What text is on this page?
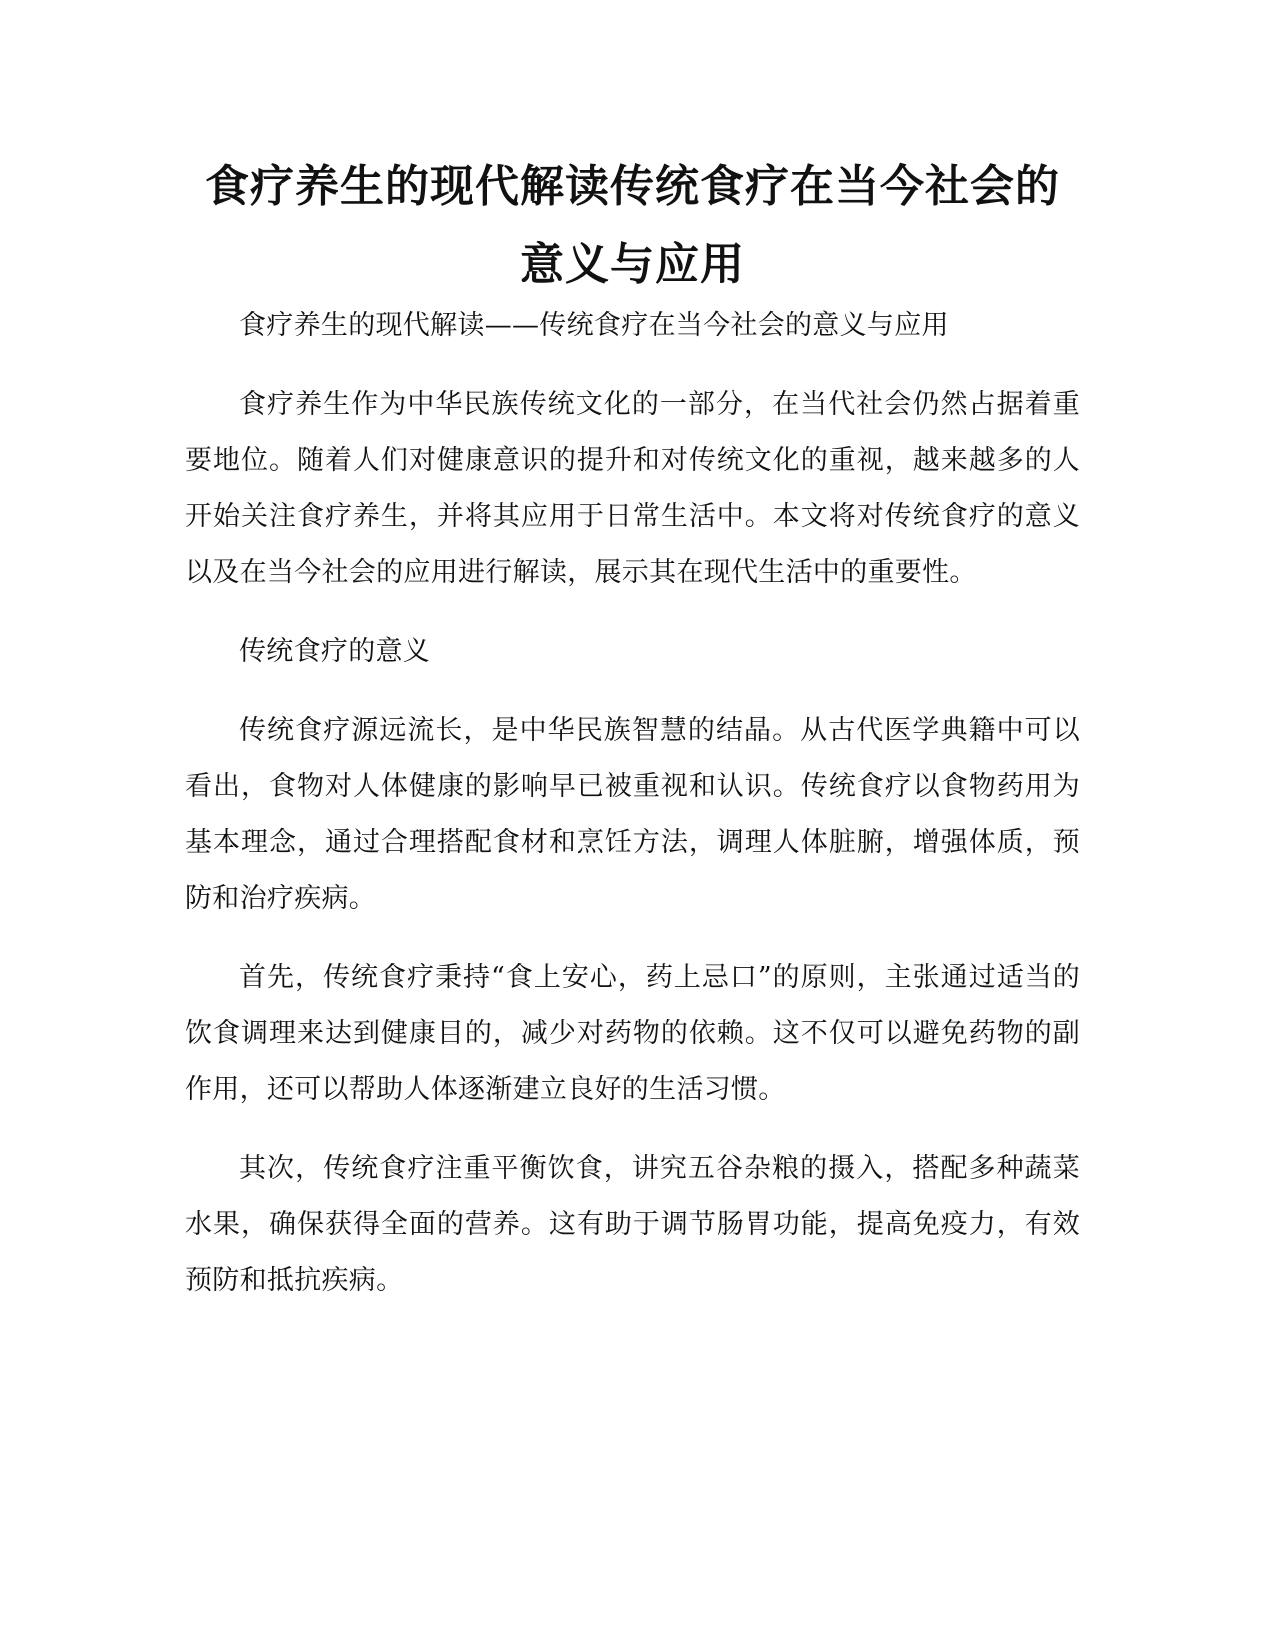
食疗养生的现代解读传统食疗在当今社会的意义与应用

食疗养生的现代解读——传统食疗在当今社会的意义与应用

食疗养生作为中华民族传统文化的一部分，在当代社会仍然占据着重要地位。随着人们对健康意识的提升和对传统文化的重视，越来越多的人开始关注食疗养生，并将其应用于日常生活中。本文将对传统食疗的意义以及在当今社会的应用进行解读，展示其在现代生活中的重要性。

传统食疗的意义

传统食疗源远流长，是中华民族智慧的结晶。从古代医学典籍中可以看出，食物对人体健康的影响早已被重视和认识。传统食疗以食物药用为基本理念，通过合理搭配食材和烹饪方法，调理人体脏腑，增强体质，预防和治疗疾病。

首先，传统食疗秉持“食上安心，药上忌口”的原则，主张通过适当的饮食调理来达到健康目的，减少对药物的依赖。这不仅可以避免药物的副作用，还可以帮助人体逐渐建立良好的生活习惯。

其次，传统食疗注重平衡饮食，讲究五谷杂粮的摄入，搭配多种蔬菜水果，确保获得全面的营养。这有助于调节肠胃功能，提高免疫力，有效预防和抵抗疾病。
